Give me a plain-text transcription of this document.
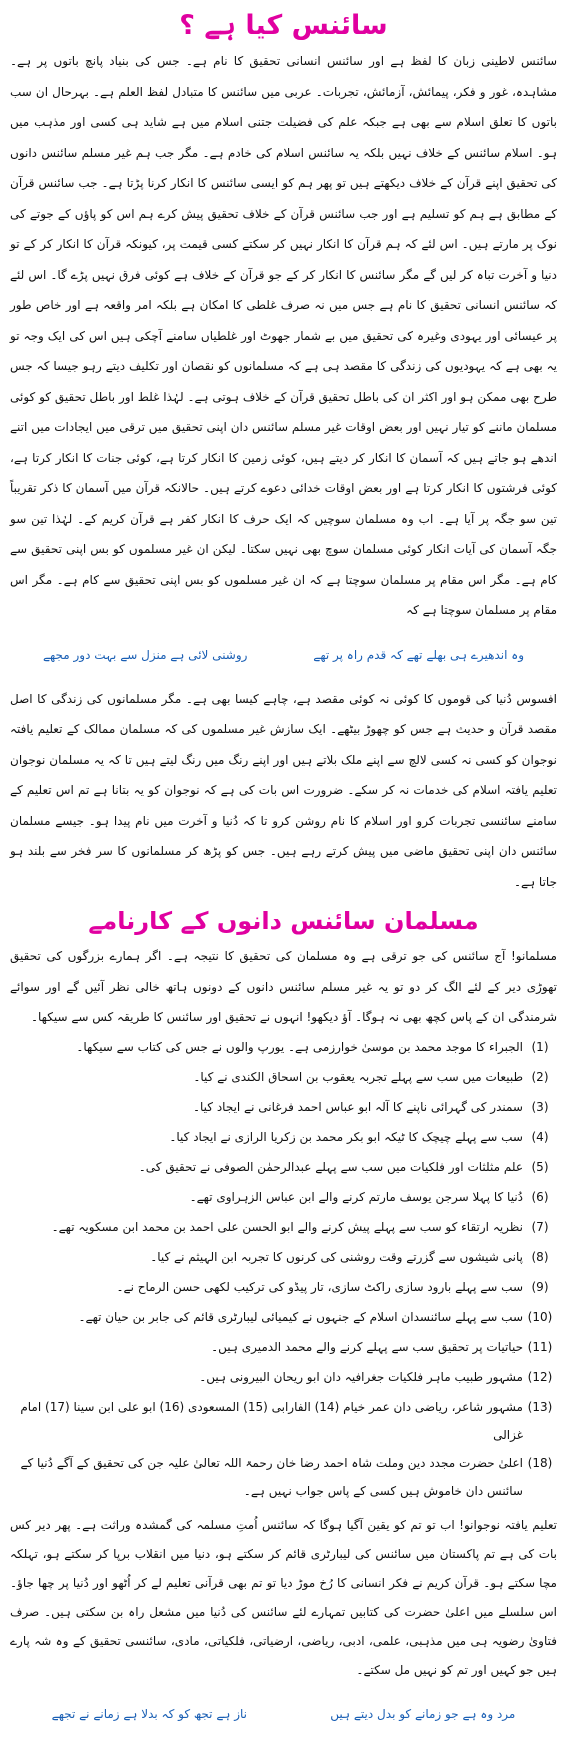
سائنس کیا ہے ؟

سائنس لاطینی زبان کا لفظ ہے اور سائنس انسانی تحقیق کا نام ہے۔ جس کی بنیاد پانچ باتوں پر ہے۔ مشاہدہ، غور و فکر، پیمائش، آزمائش، تجربات۔ عربی میں سائنس کا متبادل لفظ العلم ہے۔ بہرحال ان سب باتوں کا تعلق اسلام سے بھی ہے جبکہ علم کی فضیلت جتنی اسلام میں ہے شاید ہی کسی اور مذہب میں ہو۔ اسلام سائنس کے خلاف نہیں بلکہ یہ سائنس اسلام کی خادم ہے۔ مگر جب ہم غیر مسلم سائنس دانوں کی تحقیق اپنے قرآن کے خلاف دیکھتے ہیں تو پھر ہم کو ایسی سائنس کا انکار کرنا پڑتا ہے۔ جب سائنس قرآن کے مطابق ہے ہم کو تسلیم ہے اور جب سائنس قرآن کے خلاف تحقیق پیش کرے ہم اس کو پاؤں کے جوتے کی نوک پر مارتے ہیں۔ اس لئے کہ ہم قرآن کا انکار نہیں کر سکتے کسی قیمت پر، کیونکہ قرآن کا انکار کر کے تو دنیا و آخرت تباہ کر لیں گے مگر سائنس کا انکار کر کے جو قرآن کے خلاف ہے کوئی فرق نہیں پڑے گا۔ اس لئے کہ سائنس انسانی تحقیق کا نام ہے جس میں نہ صرف غلطی کا امکان ہے بلکہ امر واقعہ ہے اور خاص طور پر عیسائی اور یہودی وغیرہ کی تحقیق میں بے شمار جھوٹ اور غلطیاں سامنے آچکی ہیں اس کی ایک وجہ تو یہ بھی ہے کہ یہودیوں کی زندگی کا مقصد ہی ہے کہ مسلمانوں کو نقصان اور تکلیف دیتے رہو جیسا کہ جس طرح بھی ممکن ہو اور اکثر ان کی باطل تحقیق قرآن کے خلاف ہوتی ہے۔ لہٰذا غلط اور باطل تحقیق کو کوئی مسلمان ماننے کو تیار نہیں اور بعض اوقات غیر مسلم سائنس دان اپنی تحقیق میں ترقی میں ایجادات میں اتنے اندھے ہو جاتے ہیں کہ آسمان کا انکار کر دیتے ہیں، کوئی زمین کا انکار کرتا ہے، کوئی جنات کا انکار کرتا ہے، کوئی فرشتوں کا انکار کرتا ہے اور بعض اوقات خدائی دعوے کرتے ہیں۔ حالانکہ قرآن میں آسمان کا ذکر تقریباً تین سو جگہ پر آیا ہے۔ اب وہ مسلمان سوچیں کہ ایک حرف کا انکار کفر ہے قرآن کریم کے۔ لہٰذا تین سو جگہ آسمان کی آیات انکار کوئی مسلمان سوچ بھی نہیں سکتا۔ لیکن ان غیر مسلموں کو بس اپنی تحقیق سے کام ہے۔ مگر اس مقام پر مسلمان سوچتا ہے کہ ان غیر مسلموں کو بس اپنی تحقیق سے کام ہے۔ مگر اس مقام پر مسلمان سوچتا ہے کہ

وہ اندھیرے ہی بھلے تھے کہ قدم راہ پر تھے
روشنی لائی ہے منزل سے بہت دور مجھے

افسوس دُنیا کی قوموں کا کوئی نہ کوئی مقصد ہے، چاہے کیسا بھی ہے۔ مگر مسلمانوں کی زندگی کا اصل مقصد قرآن و حدیث ہے جس کو چھوڑ بیٹھے۔ ایک سازش غیر مسلموں کی کہ مسلمان ممالک کے تعلیم یافتہ نوجوان کو کسی نہ کسی لالچ سے اپنے ملک بلاتے ہیں اور اپنے رنگ میں رنگ لیتے ہیں تا کہ یہ مسلمان نوجوان تعلیم یافتہ اسلام کی خدمات نہ کر سکے۔ ضرورت اس بات کی ہے کہ نوجوان کو یہ بتانا ہے تم اس تعلیم کے سامنے سائنسی تجربات کرو اور اسلام کا نام روشن کرو تا کہ دُنیا و آخرت میں نام پیدا ہو۔ جیسے مسلمان سائنس دان اپنی تحقیق ماضی میں پیش کرتے رہے ہیں۔ جس کو پڑھ کر مسلمانوں کا سر فخر سے بلند ہو جاتا ہے۔

مسلمان سائنس دانوں کے کارنامے

مسلمانو! آج سائنس کی جو ترقی ہے وہ مسلمان کی تحقیق کا نتیجہ ہے۔ اگر ہمارے بزرگوں کی تحقیق تھوڑی دیر کے لئے الگ کر دو تو یہ غیر مسلم سائنس دانوں کے دونوں ہاتھ خالی نظر آئیں گے اور سوائے شرمندگی ان کے پاس کچھ بھی نہ ہوگا۔ آؤ دیکھو! انہوں نے تحقیق اور سائنس کا طریقہ کس سے سیکھا۔

(1)
الجبراء کا موجد محمد بن موسیٰ خوارزمی ہے۔ یورپ والوں نے جس کی کتاب سے سیکھا۔
(2)
طبیعات میں سب سے پہلے تجربہ یعقوب بن اسحاق الکندی نے کیا۔
(3)
سمندر کی گہرائی ناپنے کا آلہ ابو عباس احمد فرغانی نے ایجاد کیا۔
(4)
سب سے پہلے چیچک کا ٹیکہ ابو بکر محمد بن زکریا الرازی نے ایجاد کیا۔
(5)
علم مثلثات اور فلکیات میں سب سے پہلے عبدالرحمٰن الصوفی نے تحقیق کی۔
(6)
دُنیا کا پہلا سرجن یوسف مارتم کرنے والے ابن عباس الزہراوی تھے۔
(7)
نظریہ ارتقاء کو سب سے پہلے پیش کرنے والے ابو الحسن علی احمد بن محمد ابن مسکویہ تھے۔
(8)
پانی شیشوں سے گزرتے وقت روشنی کی کرنوں کا تجربہ ابن الہیثم نے کیا۔
(9)
سب سے پہلے بارود سازی راکٹ سازی، تار پیڈو کی ترکیب لکھی حسن الرماح نے۔
(10)
سب سے پہلے سائنسدان اسلام کے جنہوں نے کیمیائی لیبارٹری قائم کی جابر بن حیان تھے۔
(11)
حیاتیات پر تحقیق سب سے پہلے کرنے والے محمد الدمیری ہیں۔
(12)
مشہور طبیب ماہر فلکیات جغرافیہ دان ابو ریحان البیرونی ہیں۔
(13)
مشہور شاعر، ریاضی دان عمر خیام (14) الفارابی (15) المسعودی (16) ابو علی ابن سینا (17) امام غزالی
(18)
اعلیٰ حضرت مجدد دین وملت شاہ احمد رضا خان رحمۃ اللہ تعالیٰ علیہ جن کی تحقیق کے آگے دُنیا کے سائنس دان خاموش ہیں کسی کے پاس جواب نہیں ہے۔

تعلیم یافتہ نوجوانو! اب تو تم کو یقین آگیا ہوگا کہ سائنس اُمتِ مسلمہ کی گمشدہ وراثت ہے۔ پھر دیر کس بات کی ہے تم پاکستان میں سائنس کی لیبارٹری قائم کر سکتے ہو، دنیا میں انقلاب برپا کر سکتے ہو، تہلکہ مچا سکتے ہو۔ قرآن کریم نے فکر انسانی کا رُخ موڑ دیا تو تم بھی قرآنی تعلیم لے کر اُٹھو اور دُنیا پر چھا جاؤ۔ اس سلسلے میں اعلیٰ حضرت کی کتابیں تمہارے لئے سائنس کی دُنیا میں مشعل راہ بن سکتی ہیں۔ صرف فتاویٰ رضویہ ہی میں مذہبی، علمی، ادبی، ریاضی، ارضیاتی، فلکیاتی، مادی، سائنسی تحقیق کے وہ شہ پارے ہیں جو کہیں اور تم کو نہیں مل سکتے۔

مرد وہ ہے جو زمانے کو بدل دیتے ہیں
ناز ہے تجھ کو کہ بدلا ہے زمانے نے تجھے
